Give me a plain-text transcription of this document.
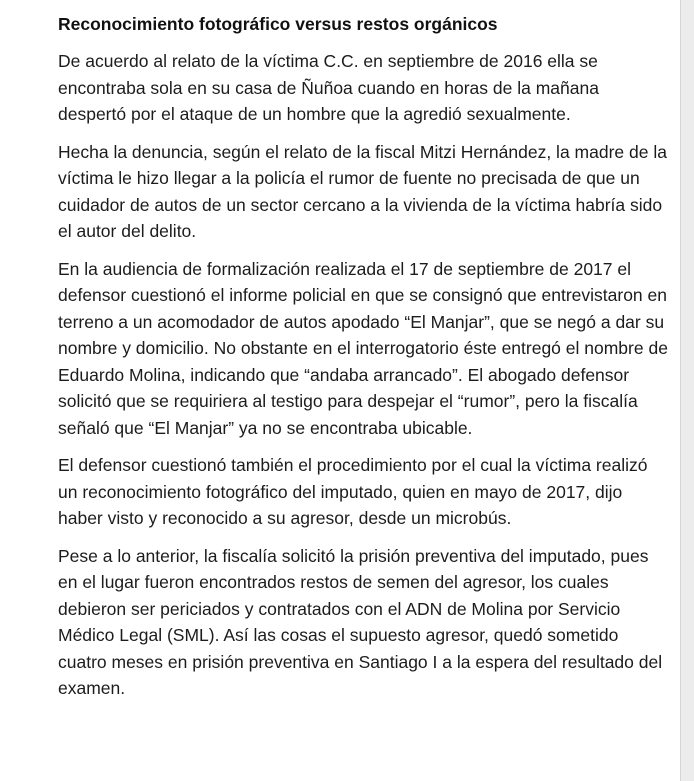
Reconocimiento fotográfico versus restos orgánicos

De acuerdo al relato de la víctima C.C. en septiembre de 2016 ella se encontraba sola en su casa de Ñuñoa cuando en horas de la mañana despertó por el ataque de un hombre que la agredió sexualmente.

Hecha la denuncia, según el relato de la fiscal Mitzi Hernández, la madre de la víctima le hizo llegar a la policía el rumor de fuente no precisada de que un cuidador de autos de un sector cercano a la vivienda de la víctima habría sido el autor del delito.

En la audiencia de formalización realizada el 17 de septiembre de 2017 el defensor cuestionó el informe policial en que se consignó que entrevistaron en terreno a un acomodador de autos apodado “El Manjar”, que se negó a dar su nombre y domicilio. No obstante en el interrogatorio éste entregó el nombre de Eduardo Molina, indicando que “andaba arrancado”. El abogado defensor solicitó que se requiriera al testigo para despejar el “rumor”, pero la fiscalía señaló que “El Manjar” ya no se encontraba ubicable.

El defensor cuestionó también el procedimiento por el cual la víctima realizó un reconocimiento fotográfico del imputado, quien en mayo de 2017, dijo haber visto y reconocido a su agresor, desde un microbús.

Pese a lo anterior, la fiscalía solicitó la prisión preventiva del imputado, pues en el lugar fueron encontrados restos de semen del agresor, los cuales debieron ser periciados y contratados con el ADN de Molina por Servicio Médico Legal (SML). Así las cosas el supuesto agresor, quedó sometido cuatro meses en prisión preventiva en Santiago I a la espera del resultado del examen.
